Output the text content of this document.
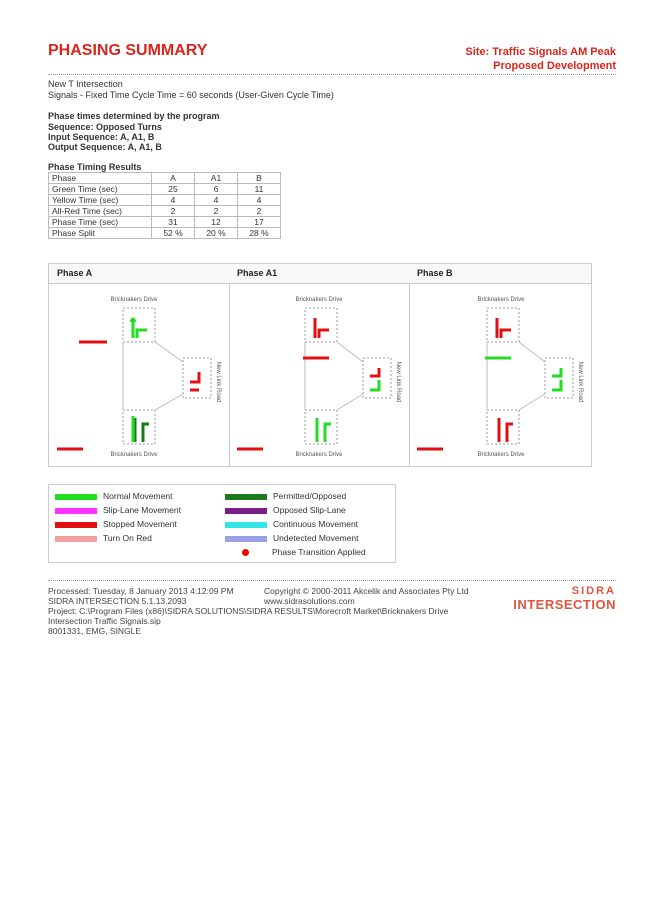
PHASING SUMMARY	Site: Traffic Signals AM Peak
Proposed Development
New T Intersection
Signals - Fixed Time Cycle Time = 60 seconds (User-Given Cycle Time)
Phase times determined by the program
Sequence: Opposed Turns
Input Sequence: A, A1, B
Output Sequence: A, A1, B
Phase Timing Results
Phase	A	A1	B
Green Time (sec)	25	6	11
Yellow Time (sec)	4	4	4
All-Red Time (sec)	2	2	2
Phase Time (sec)	31	12	17
Phase Split	52 %	20 %	28 %
Phase A
Bricknakers Drive
Bricknakers Drive
New Link Road
Phase A1
Bricknakers Drive
Bricknakers Drive
New Link Road
Phase B
Bricknakers Drive
Bricknakers Drive
New Link Road
Normal Movement	Permitted/Opposed
Slip-Lane Movement	Opposed Slip-Lane
Stopped Movement	Continuous Movement
Turn On Red	Undetected Movement
Phase Transition Applied
Processed: Tuesday, 8 January 2013 4:12:09 PM	Copyright © 2000-2011 Akcelik and Associates Pty Ltd
SIDRA INTERSECTION 5.1.13.2093	www.sidrasolutions.com
Project: C:\Program Files (x86)\SIDRA SOLUTIONS\SIDRA RESULTS\Morecroft Market\Bricknakers Drive
Intersection Traffic Signals.sip
8001331, EMG, SINGLE
SIDRA
INTERSECTION
